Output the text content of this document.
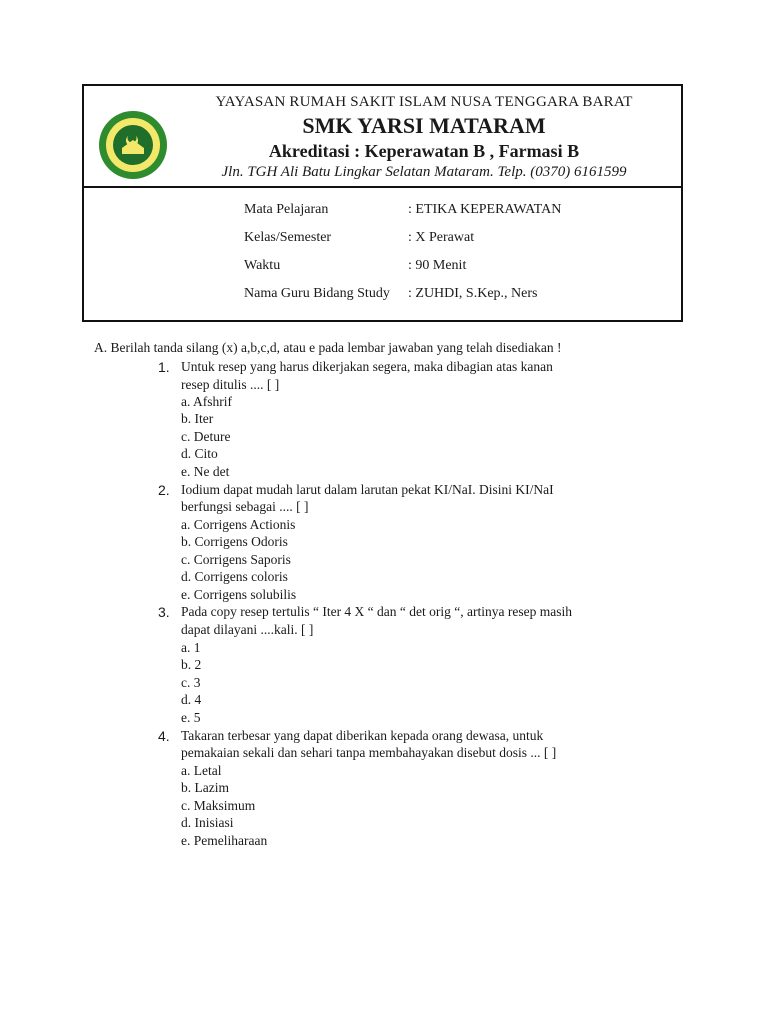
YAYASAN RUMAH SAKIT ISLAM NUSA TENGGARA BARAT
SMK YARSI MATARAM
Akreditasi : Keperawatan B , Farmasi B
Jln. TGH Ali Batu Lingkar Selatan Mataram. Telp. (0370) 6161599
Mata Pelajaran	: ETIKA KEPERAWATAN
Kelas/Semester	: X Perawat
Waktu	: 90 Menit
Nama Guru Bidang Study : ZUHDI, S.Kep., Ners
A. Berilah tanda silang (x) a,b,c,d, atau e pada lembar jawaban yang telah disediakan !
1. Untuk resep yang harus dikerjakan segera, maka dibagian atas kanan
resep ditulis .... [ ]
a. Afshrif
b. Iter
c. Deture
d. Cito
e. Ne det
2. Iodium dapat mudah larut dalam larutan pekat KI/NaI. Disini KI/NaI
berfungsi sebagai .... [ ]
a. Corrigens Actionis
b. Corrigens Odoris
c. Corrigens Saporis
d. Corrigens coloris
e. Corrigens solubilis
3. Pada copy resep tertulis “ Iter 4 X “ dan “ det orig “, artinya resep masih
dapat dilayani ....kali. [ ]
a. 1
b. 2
c. 3
d. 4
e. 5
4. Takaran terbesar yang dapat diberikan kepada orang dewasa, untuk
pemakaian sekali dan sehari tanpa membahayakan disebut dosis ... [ ]
a. Letal
b. Lazim
c. Maksimum
d. Inisiasi
e. Pemeliharaan
